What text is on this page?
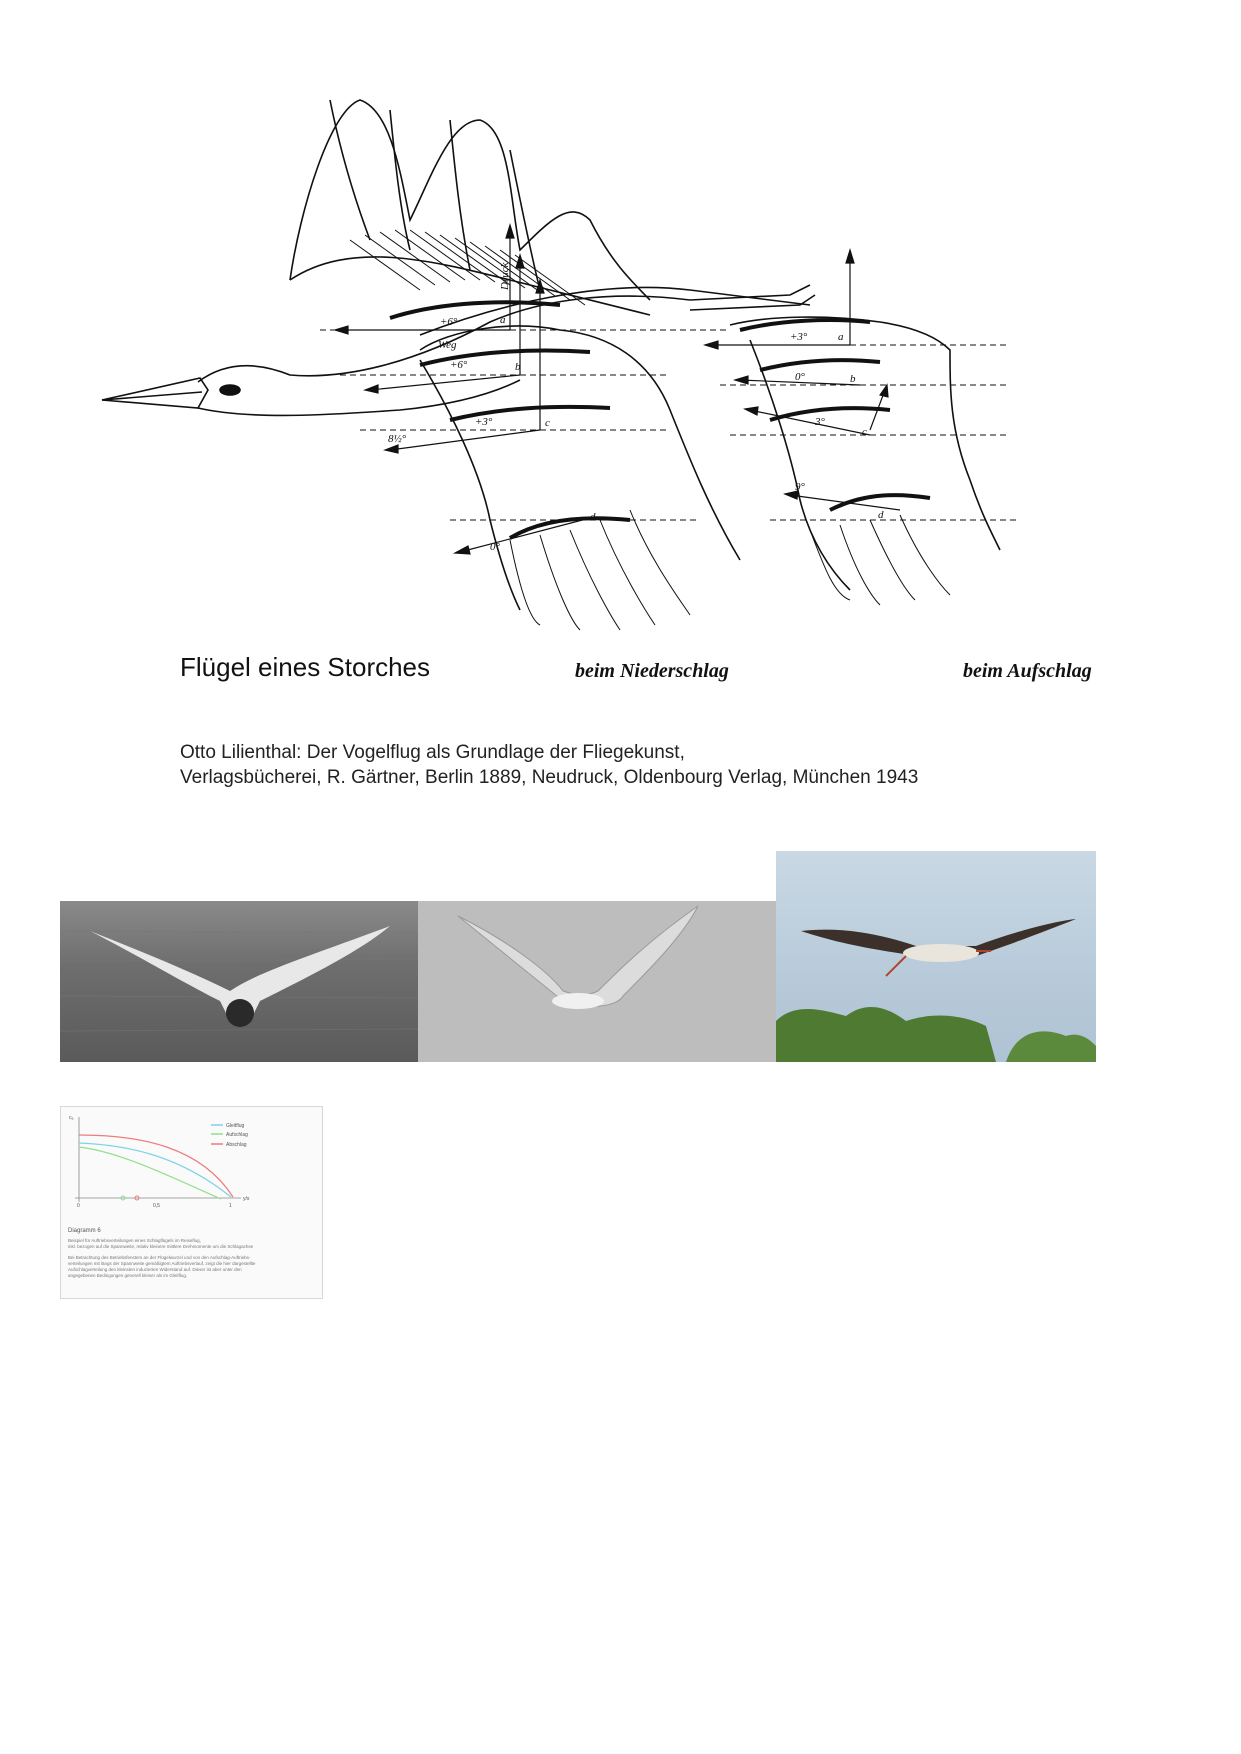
Druck
Weg
+6°	a
+6°	b
+3°	c
8½°
0°
d
+3°	a
0°	b
3°
c
9°
d
Flügel eines Storches	beim Niederschlag	beim Aufschlag
Otto Lilienthal: Der Vogelflug als Grundlage der Fliegekunst,
Verlagsbücherei, R. Gärtner, Berlin 1889, Neudruck, Oldenbourg Verlag, München 1943
cₐ
y/s
0	0,5	1
Gleitflug
Aufschlag
Abschlag
Diagramm 6
Beispiel für Auftriebsverteilungen eines Schlagflügels im Reiseflug,
inkl. bezogen auf die Spannweite, relativ kleinere mittlere Drehmomente um die Schlagachse
Bei Betrachtung des Betriebsfensters an der Flügelwurzel und von den Aufschlag-Auftriebs-
verteilungen mit längs der Spannweite gemäßigtem Auftriebsverlauf, zeigt die hier dargestellte
Aufschlagverteilung den kleinsten induzierten Widerstand auf. Dieser ist aber unter den
angegebenen Bedingungen generell kleiner als im Gleitflug.
